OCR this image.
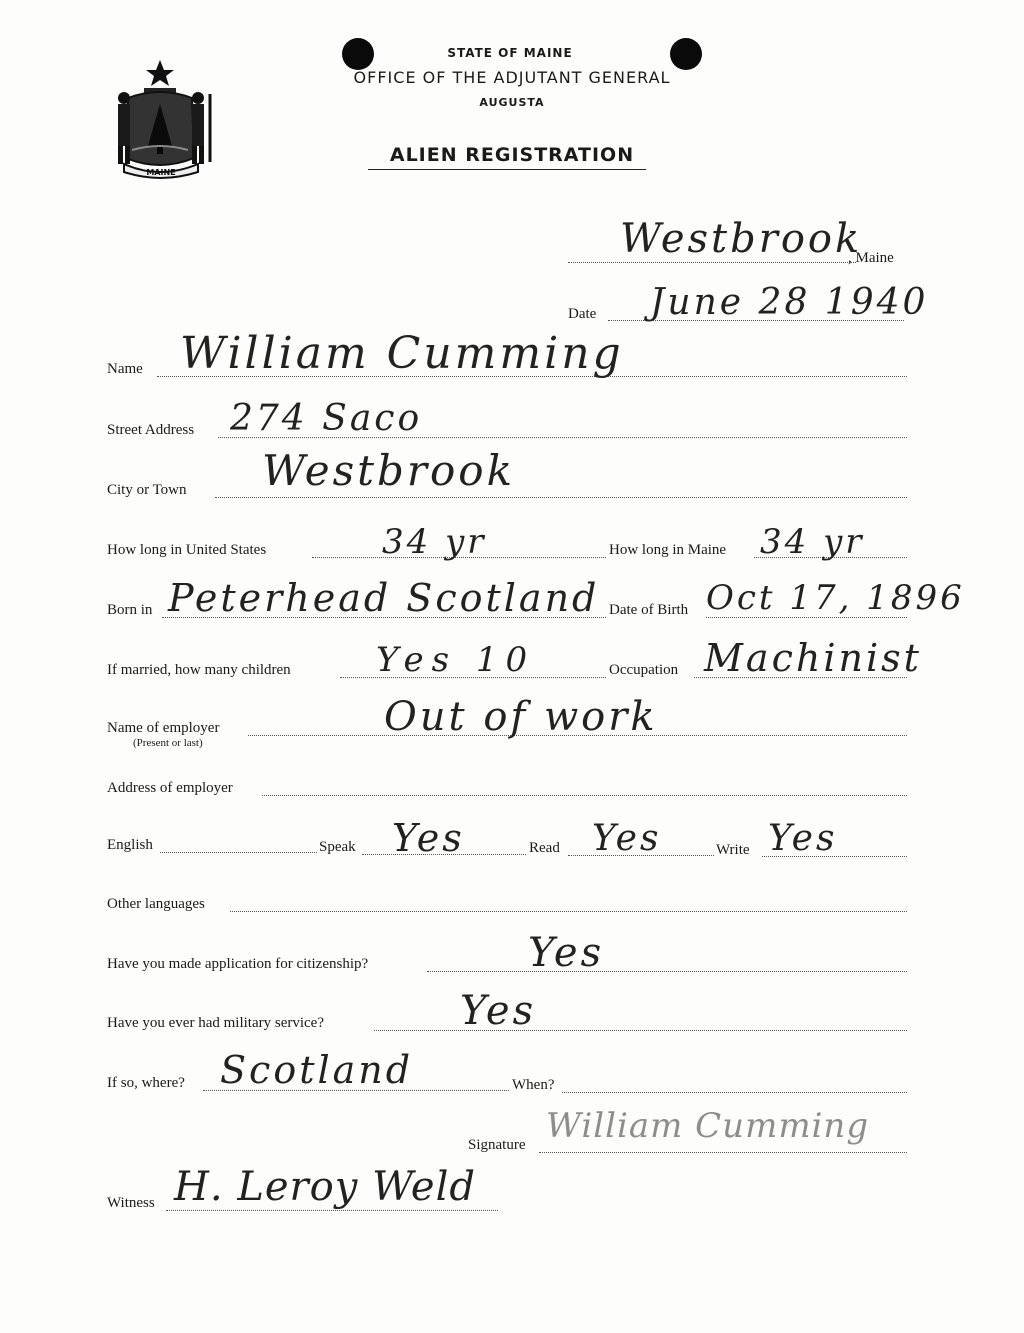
MAINE
STATE OF MAINE
OFFICE OF THE ADJUTANT GENERAL
AUGUSTA
ALIEN REGISTRATION
Westbrook
, Maine
Date June 28 1940
Name William Cumming
Street Address 274 Saco
City or Town Westbrook
How long in United States	34 yr	How long in Maine 34 yr
Born in Peterhead Scotland Date of Birth Oct 17, 1896
If married, how many children	Yes 10	Occupation Machinist
Name of employer
(Present or last)
Out of work
Address of employer
English	Speak Yes	Read Yes	Write Yes
Other languages
Have you made application for citizenship?	Yes
Have you ever had military service?	Yes
If so, where? Scotland	When?
Signature William Cumming
Witness H. Leroy Weld
